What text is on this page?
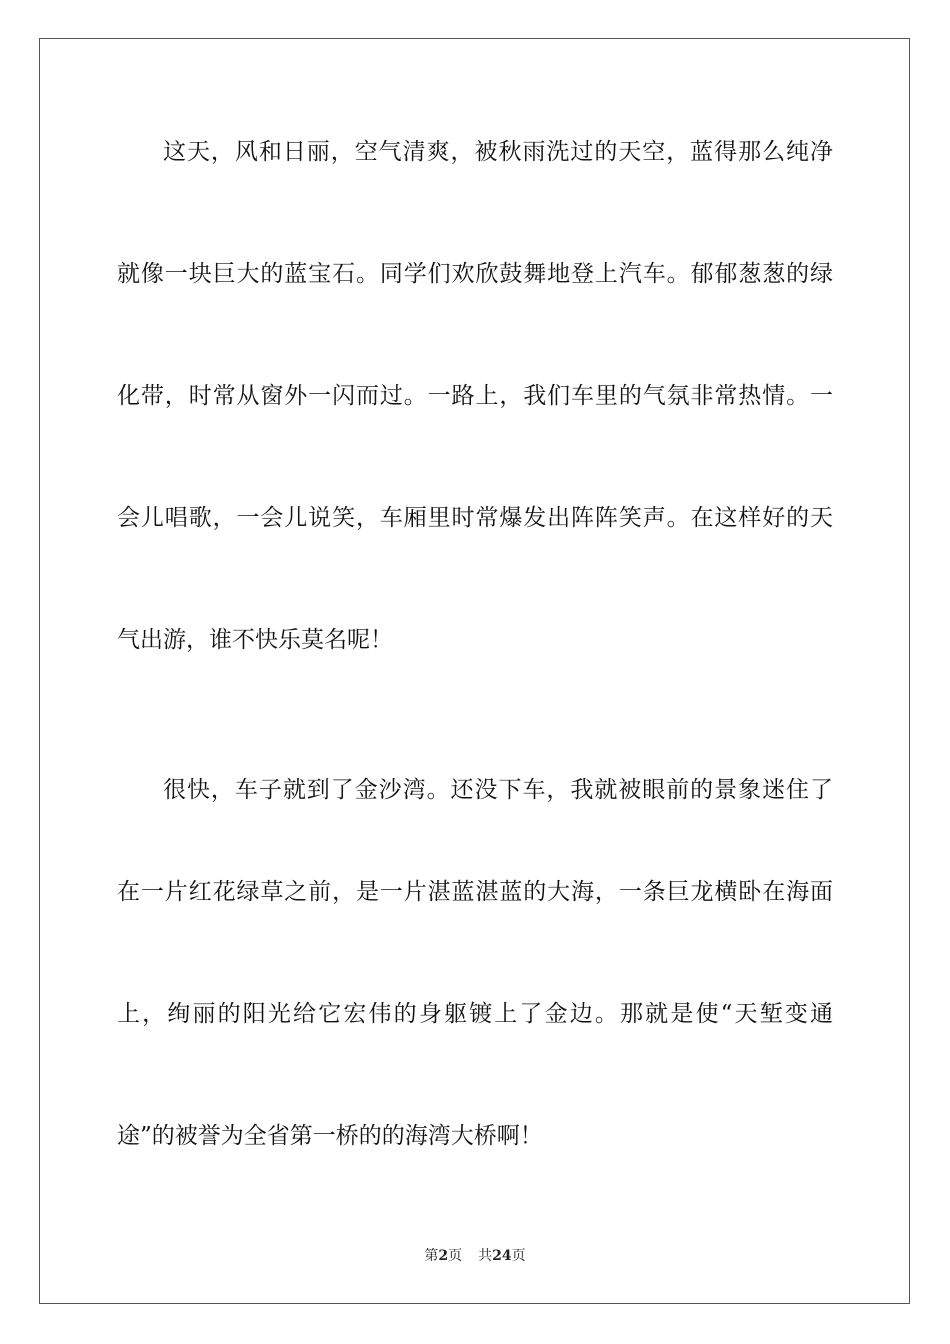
这天，风和日丽，空气清爽，被秋雨洗过的天空，蓝得那么纯净
就像一块巨大的蓝宝石。同学们欢欣鼓舞地登上汽车。郁郁葱葱的绿
化带，时常从窗外一闪而过。一路上，我们车里的气氛非常热情。一
会儿唱歌，一会儿说笑，车厢里时常爆发出阵阵笑声。在这样好的天
气出游，谁不快乐莫名呢！
很快，车子就到了金沙湾。还没下车，我就被眼前的景象迷住了
在一片红花绿草之前，是一片湛蓝湛蓝的大海，一条巨龙横卧在海面
上，绚丽的阳光给它宏伟的身躯镀上了金边。那就是使“天堑变通
途”的被誉为全省第一桥的的海湾大桥啊！
第2页 共24页
